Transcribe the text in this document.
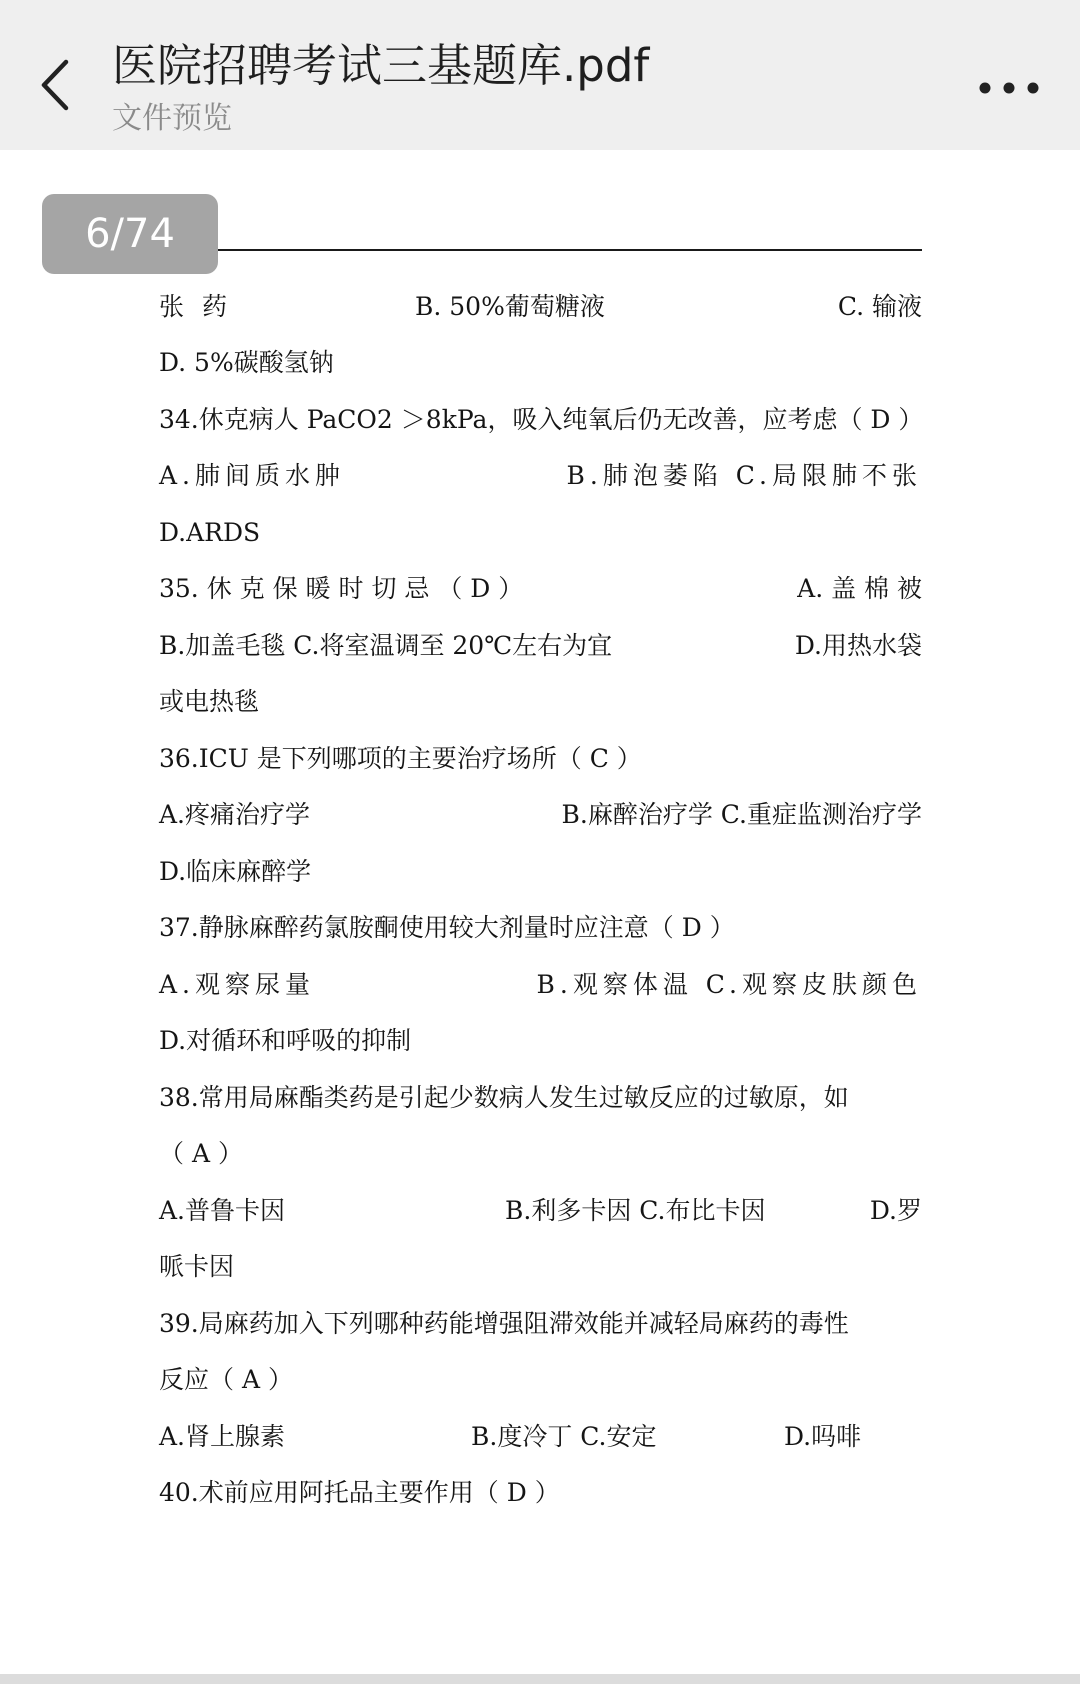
医院招聘考试三基题库.pdf
文件预览
6/74
张 药	B. 50%葡萄糖液	C. 输液
D. 5%碳酸氢钠
34.休克病人 PaCO2 ＞8kPa，吸入纯氧后仍无改善，应考虑（ D ）
A.肺间质水肿	B.肺泡萎陷 C.局限肺不张
D.ARDS
35. 休 克 保 暖 时 切 忌 （ D ）	A. 盖 棉 被
B.加盖毛毯 C.将室温调至 20℃左右为宜	D.用热水袋
或电热毯
36.ICU 是下列哪项的主要治疗场所（ C ）
A.疼痛治疗学	B.麻醉治疗学 C.重症监测治疗学
D.临床麻醉学
37.静脉麻醉药氯胺酮使用较大剂量时应注意（ D ）
A.观察尿量	B.观察体温 C.观察皮肤颜色
D.对循环和呼吸的抑制
38.常用局麻酯类药是引起少数病人发生过敏反应的过敏原，如
（ A ）
A.普鲁卡因	B.利多卡因 C.布比卡因	D.罗
哌卡因
39.局麻药加入下列哪种药能增强阻滞效能并减轻局麻药的毒性
反应（ A ）
A.肾上腺素	B.度冷丁 C.安定	D.吗啡
40.术前应用阿托品主要作用（ D ）
